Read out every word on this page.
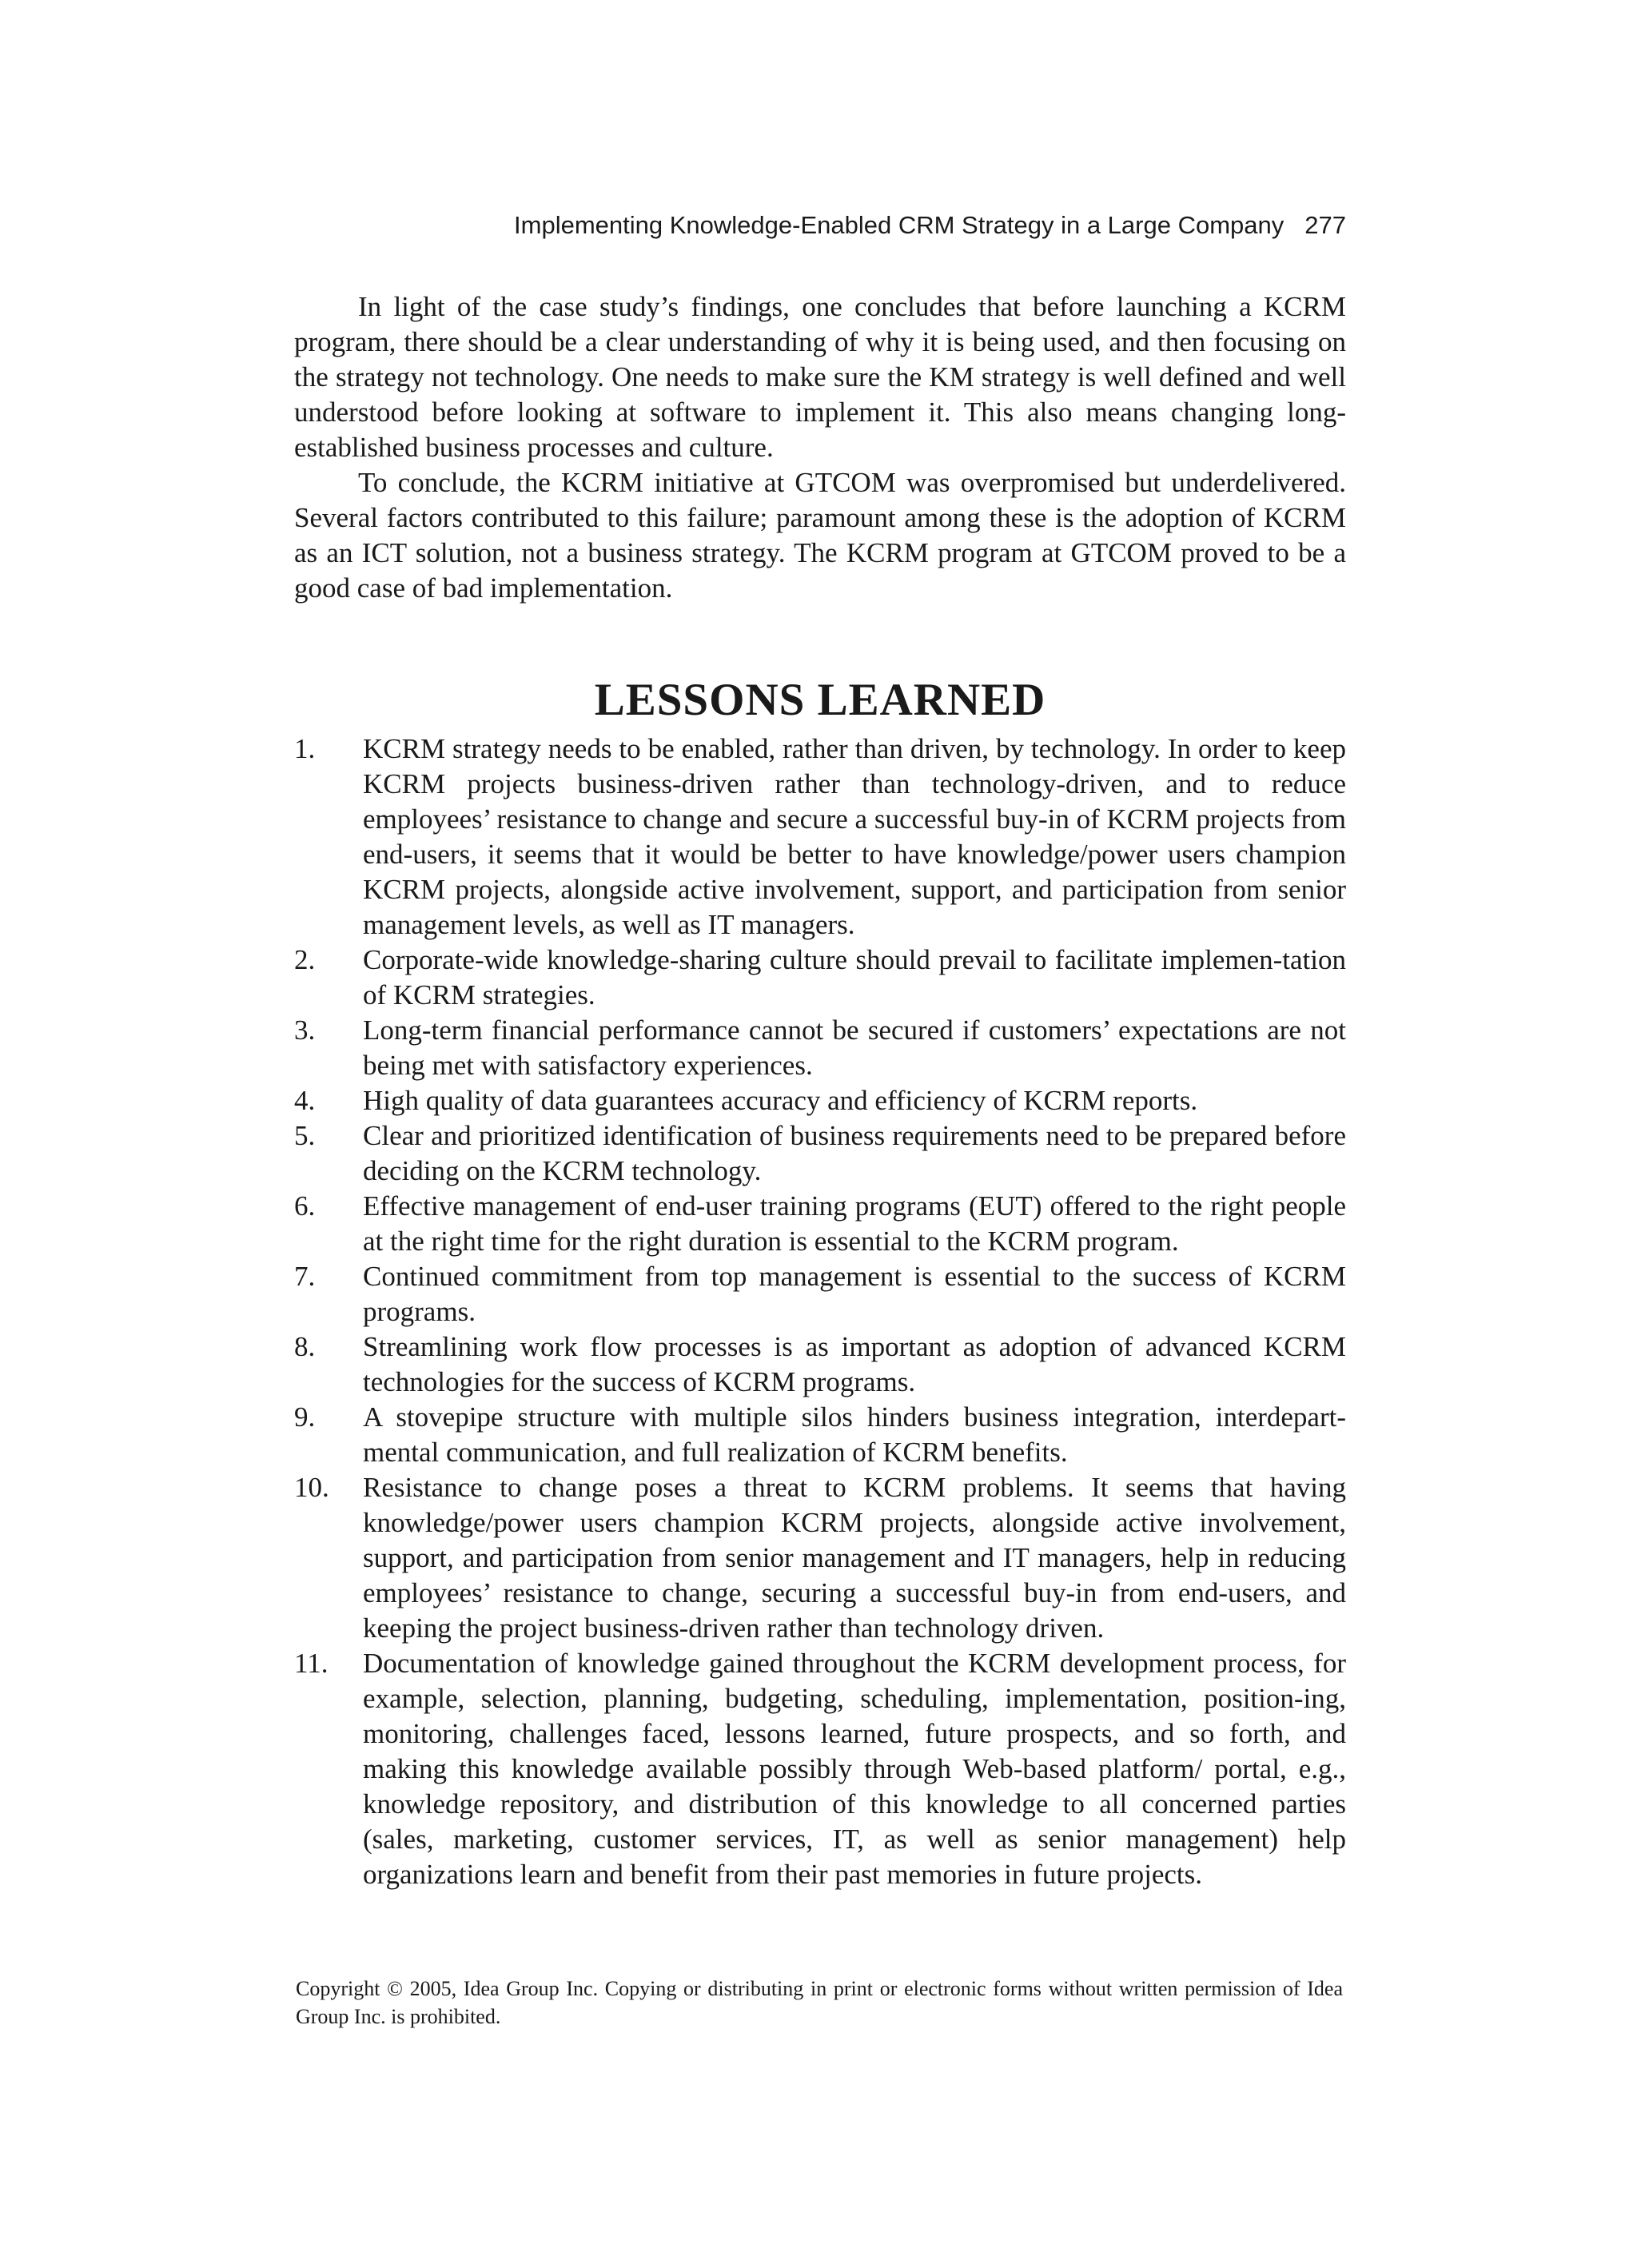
Implementing Knowledge-Enabled CRM Strategy in a Large Company 277

In light of the case study’s findings, one concludes that before launching a KCRM program, there should be a clear understanding of why it is being used, and then focusing on the strategy not technology. One needs to make sure the KM strategy is well defined and well understood before looking at software to implement it. This also means changing long-established business processes and culture.

To conclude, the KCRM initiative at GTCOM was overpromised but underdelivered. Several factors contributed to this failure; paramount among these is the adoption of KCRM as an ICT solution, not a business strategy. The KCRM program at GTCOM proved to be a good case of bad implementation.

LESSONS LEARNED
1. KCRM strategy needs to be enabled, rather than driven, by technology. In order to keep KCRM projects business-driven rather than technology-driven, and to reduce employees’ resistance to change and secure a successful buy-in of KCRM projects from end-users, it seems that it would be better to have knowledge/power users champion KCRM projects, alongside active involvement, support, and participation from senior management levels, as well as IT managers.
2. Corporate-wide knowledge-sharing culture should prevail to facilitate implemen-tation of KCRM strategies.
3. Long-term financial performance cannot be secured if customers’ expectations are not being met with satisfactory experiences.
4. High quality of data guarantees accuracy and efficiency of KCRM reports.
5. Clear and prioritized identification of business requirements need to be prepared before deciding on the KCRM technology.
6. Effective management of end-user training programs (EUT) offered to the right people at the right time for the right duration is essential to the KCRM program.
7. Continued commitment from top management is essential to the success of KCRM programs.
8. Streamlining work flow processes is as important as adoption of advanced KCRM technologies for the success of KCRM programs.
9. A stovepipe structure with multiple silos hinders business integration, interdepart-mental communication, and full realization of KCRM benefits.
10. Resistance to change poses a threat to KCRM problems. It seems that having knowledge/power users champion KCRM projects, alongside active involvement, support, and participation from senior management and IT managers, help in reducing employees’ resistance to change, securing a successful buy-in from end-users, and keeping the project business-driven rather than technology driven.
11. Documentation of knowledge gained throughout the KCRM development process, for example, selection, planning, budgeting, scheduling, implementation, position-ing, monitoring, challenges faced, lessons learned, future prospects, and so forth, and making this knowledge available possibly through Web-based platform/ portal, e.g., knowledge repository, and distribution of this knowledge to all concerned parties (sales, marketing, customer services, IT, as well as senior management) help organizations learn and benefit from their past memories in future projects.
Copyright © 2005, Idea Group Inc. Copying or distributing in print or electronic forms without written permission of Idea Group Inc. is prohibited.
